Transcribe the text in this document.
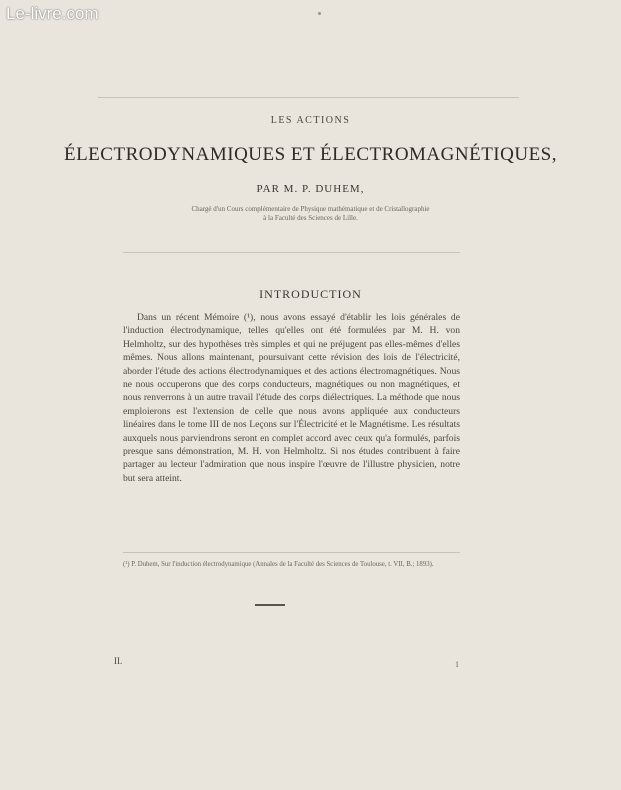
Le-livre.com
LES ACTIONS
ÉLECTRODYNAMIQUES ET ÉLECTROMAGNÉTIQUES,
PAR M. P. DUHEM,
Chargé d'un Cours complémentaire de Physique mathématique et de Cristallographie
à la Faculté des Sciences de Lille.
INTRODUCTION

Dans un récent Mémoire (¹), nous avons essayé d'établir les lois générales de l'induction électrodynamique, telles qu'elles ont été formulées par M. H. von Helmholtz, sur des hypothèses très simples et qui ne préjugent pas elles-mêmes d'elles mêmes. Nous allons maintenant, poursuivant cette révision des lois de l'électricité, aborder l'étude des actions électrodynamiques et des actions électromagnétiques. Nous ne nous occuperons que des corps conducteurs, magnétiques ou non magnétiques, et nous renverrons à un autre travail l'étude des corps diélectriques. La méthode que nous emploierons est l'extension de celle que nous avons appliquée aux conducteurs linéaires dans le tome III de nos Leçons sur l'Électricité et le Magnétisme. Les résultats auxquels nous parviendrons seront en complet accord avec ceux qu'a formulés, parfois presque sans démonstration, M. H. von Helmholtz. Si nos études contribuent à faire partager au lecteur l'admiration que nous inspire l'œuvre de l'illustre physicien, notre but sera atteint.

(¹) P. Duhem, Sur l'induction électrodynamique (Annales de la Faculté des Sciences de Toulouse, t. VII, B.; 1893).
II.	1
